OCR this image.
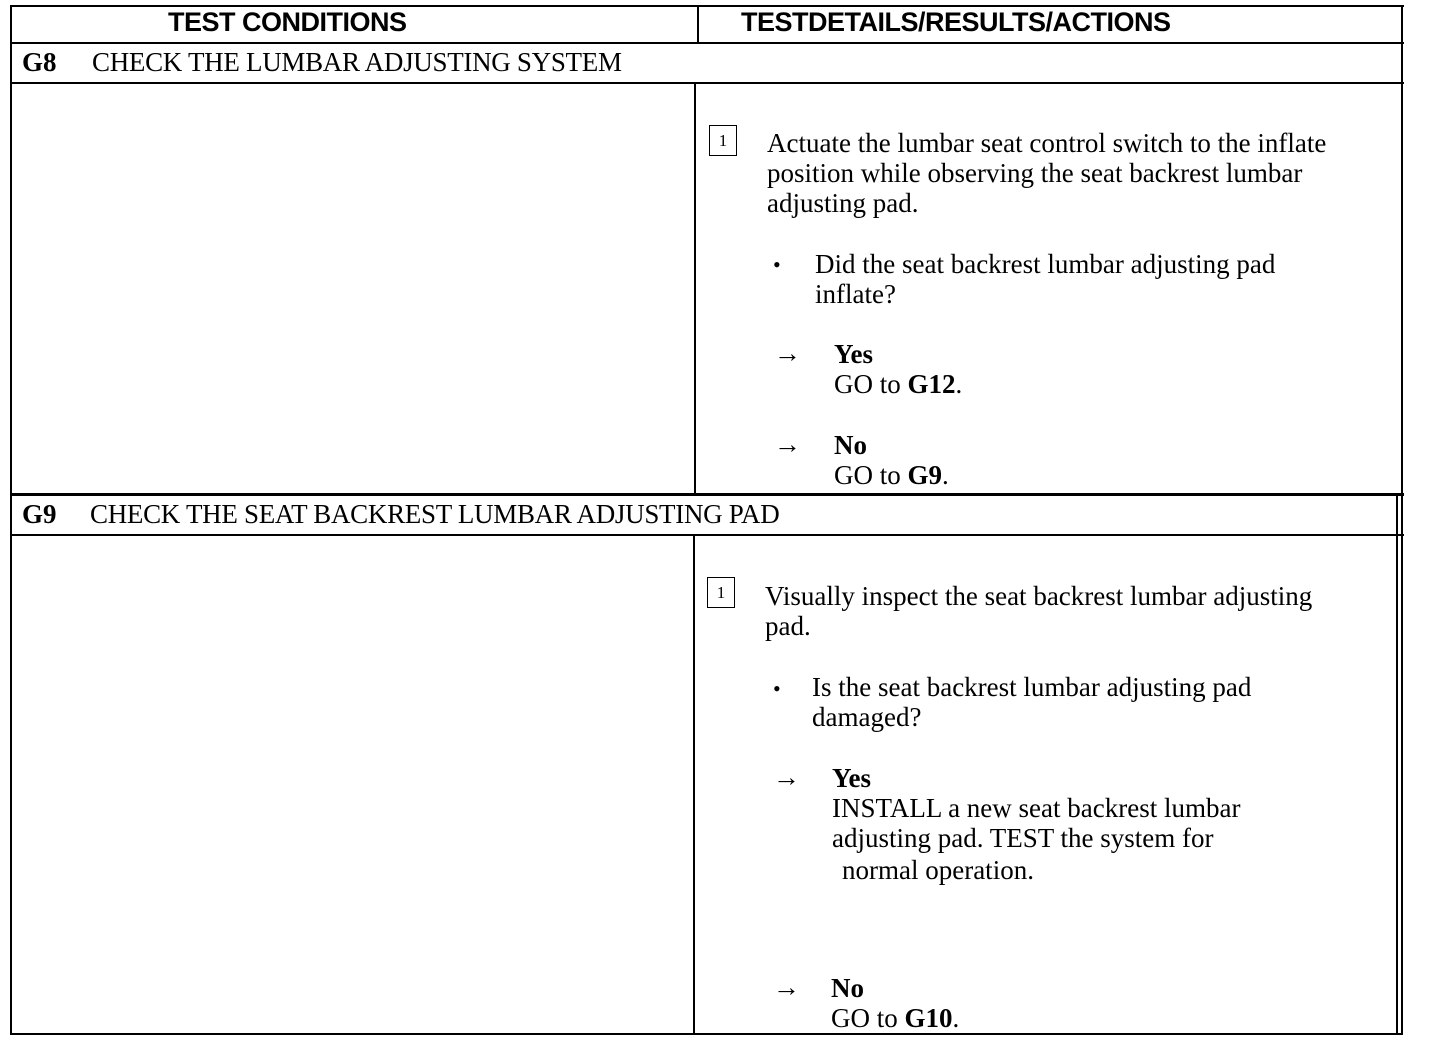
TEST CONDITIONS	TESTDETAILS/RESULTS/ACTIONS
G8 CHECK THE LUMBAR ADJUSTING SYSTEM
1	Actuate the lumbar seat control switch to the inflate
position while observing the seat backrest lumbar
adjusting pad.
• Did the seat backrest lumbar adjusting pad
inflate?
→ Yes
GO to G12.
→ No
GO to G9.
G9 CHECK THE SEAT BACKREST LUMBAR ADJUSTING PAD
1	Visually inspect the seat backrest lumbar adjusting
pad.
• Is the seat backrest lumbar adjusting pad
damaged?
→ Yes
INSTALL a new seat backrest lumbar
adjusting pad. TEST the system for
normal operation.
→ No
GO to G10.
